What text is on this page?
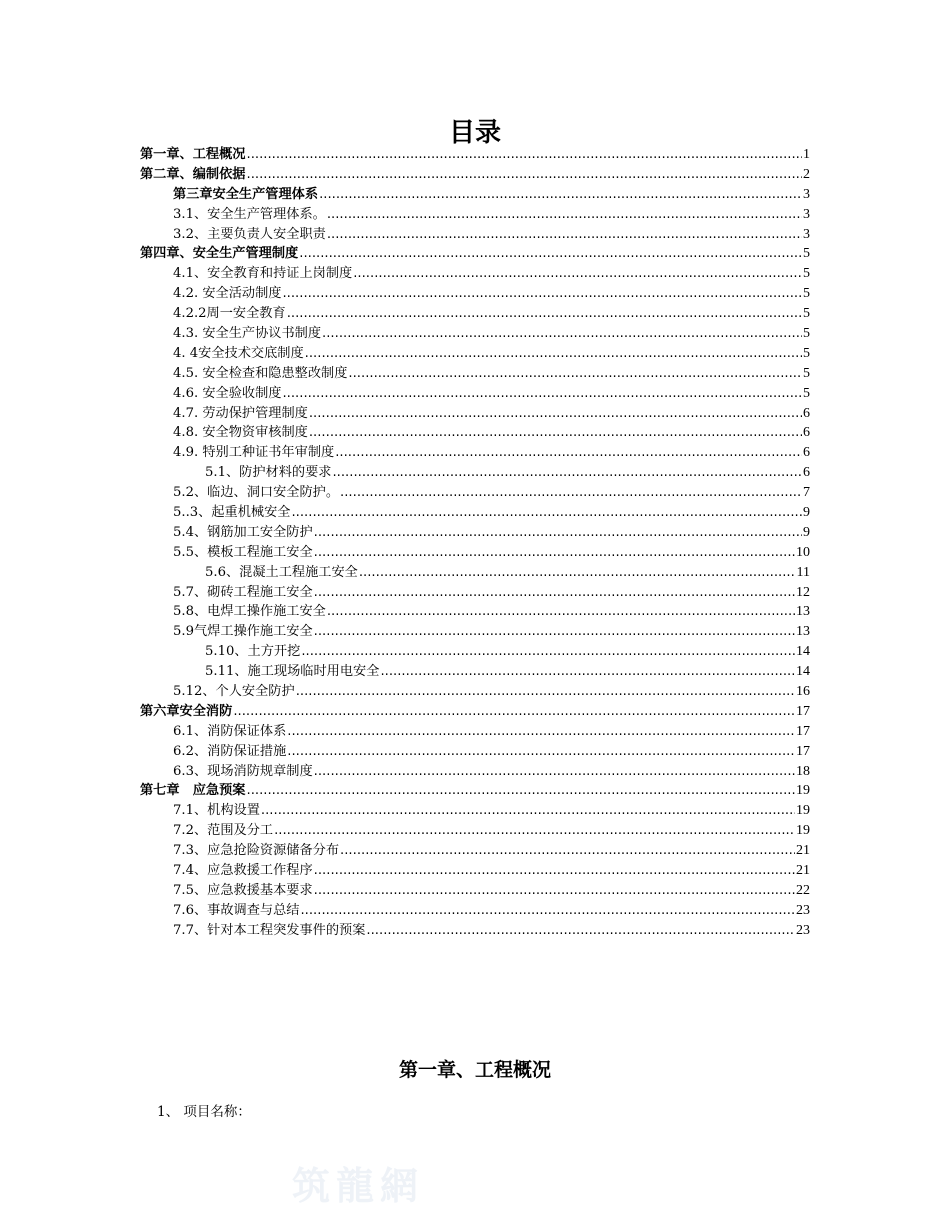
目录
第一章、工程概况 .....	1
第二章、编制依据 .....	2
第三章安全生产管理体系 .....	3
3.1、安全生产管理体系。 .....	3
3.2、主要负责人安全职责 .....	3
第四章、安全生产管理制度 .....	5
4.1、安全教育和持证上岗制度 .....	5
4.2. 安全活动制度 .....	5
4.2.2周一安全教育 .....	5
4.3. 安全生产协议书制度 .....	5
4. 4安全技术交底制度 .....	5
4.5. 安全检查和隐患整改制度 .....	5
4.6. 安全验收制度 .....	5
4.7. 劳动保护管理制度 .....	6
4.8. 安全物资审核制度 .....	6
4.9. 特别工种证书年审制度 .....	6
5.1、防护材料的要求 .....	6
5.2、临边、洞口安全防护。 .....	7
5..3、起重机械安全 .....	9
5.4、钢筋加工安全防护 .....	9
5.5、模板工程施工安全 .....	10
5.6、混凝土工程施工安全 .....	11
5.7、砌砖工程施工安全 .....	12
5.8、电焊工操作施工安全 .....	13
5.9气焊工操作施工安全 .....	13
5.10、土方开挖 .....	14
5.11、施工现场临时用电安全 .....	14
5.12、个人安全防护 .....	16
第六章安全消防 .....	17
6.1、消防保证体系 .....	17
6.2、消防保证措施 .....	17
6.3、现场消防规章制度 .....	18
第七章　应急预案 .....	19
7.1、机构设置 .....	19
7.2、范围及分工 .....	19
7.3、应急抢险资源储备分布 .....	21
7.4、应急救援工作程序 .....	21
7.5、应急救援基本要求 .....	22
7.6、事故调查与总结 .....	23
7.7、针对本工程突发事件的预案 .....	23
第一章、工程概况
1、 项目名称：
筑龍網
